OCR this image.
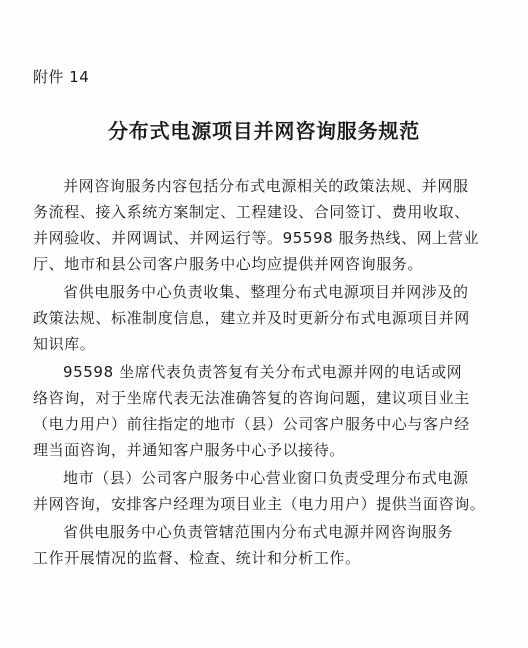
附件 14
分布式电源项目并网咨询服务规范

并网咨询服务内容包括分布式电源相关的政策法规、并网服
务流程、接入系统方案制定、工程建设、合同签订、费用收取、
并网验收、并网调试、并网运行等。95598 服务热线、网上营业
厅、地市和县公司客户服务中心均应提供并网咨询服务。

省供电服务中心负责收集、整理分布式电源项目并网涉及的
政策法规、标准制度信息，建立并及时更新分布式电源项目并网
知识库。

95598 坐席代表负责答复有关分布式电源并网的电话或网
络咨询，对于坐席代表无法准确答复的咨询问题，建议项目业主
（电力用户）前往指定的地市（县）公司客户服务中心与客户经
理当面咨询，并通知客户服务中心予以接待。

地市（县）公司客户服务中心营业窗口负责受理分布式电源
并网咨询，安排客户经理为项目业主（电力用户）提供当面咨询。

省供电服务中心负责管辖范围内分布式电源并网咨询服务
工作开展情况的监督、检查、统计和分析工作。
